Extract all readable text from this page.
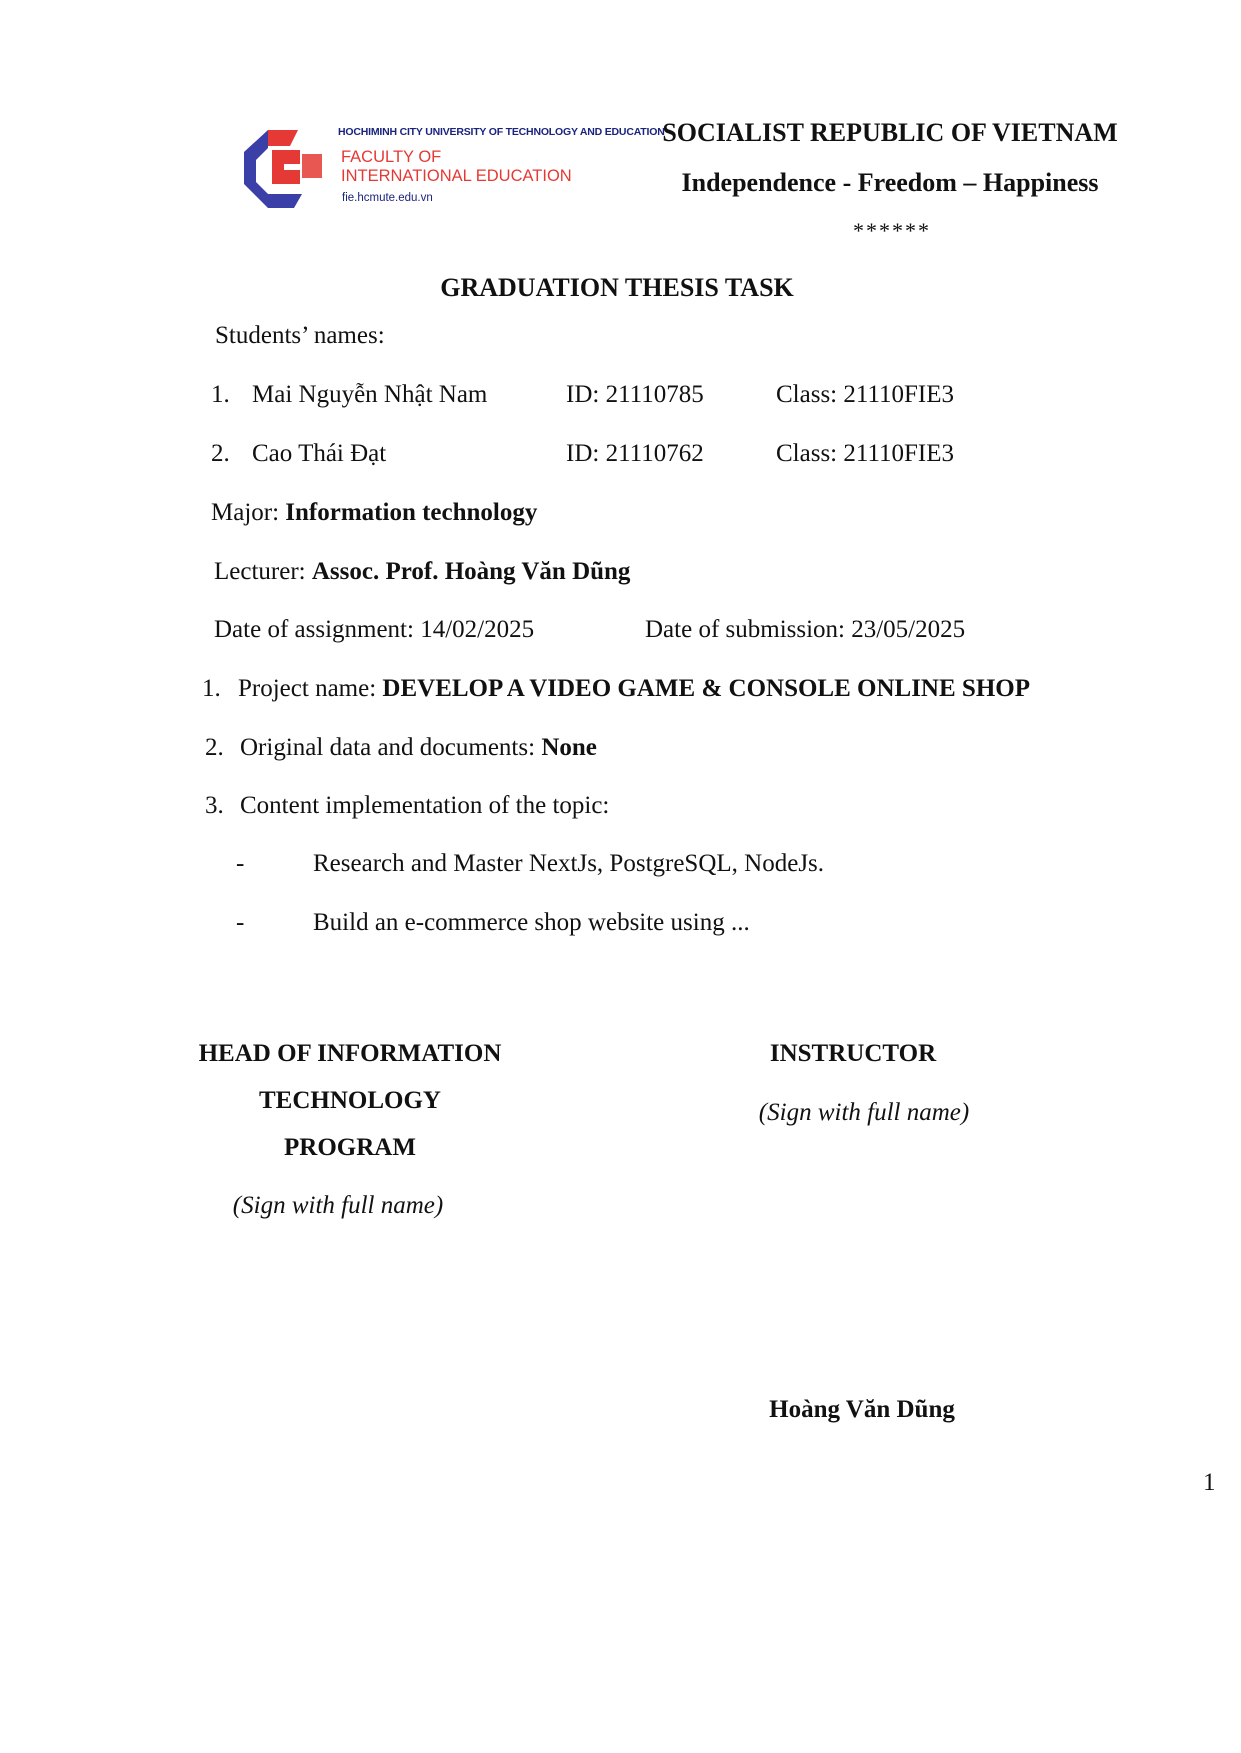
HOCHIMINH CITY UNIVERSITY OF TECHNOLOGY AND EDUCATION
FACULTY OF
INTERNATIONAL EDUCATION
fie.hcmute.edu.vn
SOCIALIST REPUBLIC OF VIETNAM
Independence - Freedom – Happiness
******
GRADUATION THESIS TASK
Students’ names:
1. Mai Nguyễn Nhật Nam	ID: 21110785	Class: 21110FIE3
2. Cao Thái Đạt	ID: 21110762	Class: 21110FIE3
Major: Information technology
Lecturer: Assoc. Prof. Hoàng Văn Dũng
Date of assignment: 14/02/2025	Date of submission: 23/05/2025
1. Project name: DEVELOP A VIDEO GAME & CONSOLE ONLINE SHOP
2. Original data and documents: None
3. Content implementation of the topic:
-	Research and Master NextJs, PostgreSQL, NodeJs.
-	Build an e-commerce shop website using ...
HEAD OF INFORMATION
TECHNOLOGY
PROGRAM
(Sign with full name)
INSTRUCTOR
(Sign with full name)
Hoàng Văn Dũng
1
